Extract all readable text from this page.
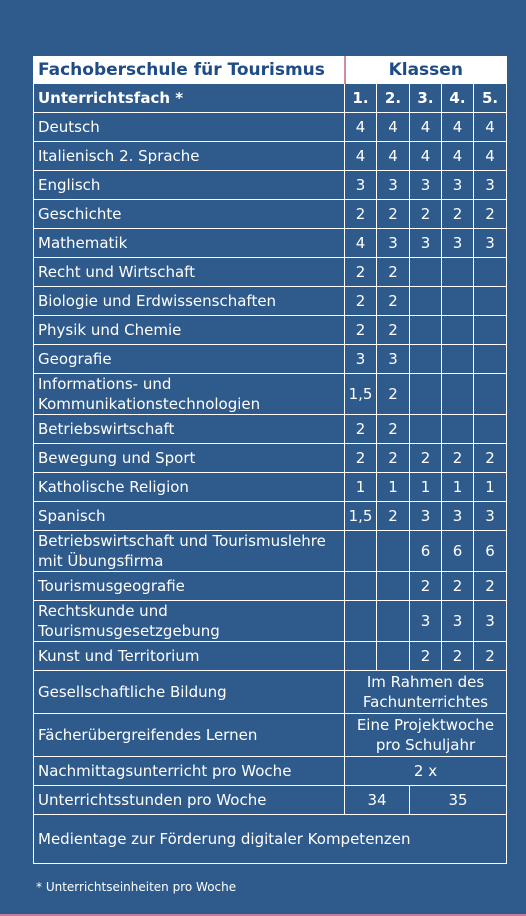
Fachoberschule für Tourismus	Klassen				
Unterrichtsfach *	1.	2.	3.	4.	5.
Deutsch	4	4	4	4	4
Italienisch 2. Sprache	4	4	4	4	4
Englisch	3	3	3	3	3
Geschichte	2	2	2	2	2
Mathematik	4	3	3	3	3
Recht und Wirtschaft	2	2			
Biologie und Erdwissenschaften	2	2			
Physik und Chemie	2	2			
Geografie	3	3			
Informations- und Kommunikationstechnologien	1,5	2			
Betriebswirtschaft	2	2			
Bewegung und Sport	2	2	2	2	2
Katholische Religion	1	1	1	1	1
Spanisch	1,5	2	3	3	3
Betriebswirtschaft und Tourismuslehre mit Übungsfirma			6	6	6
Tourismusgeografie			2	2	2
Rechtskunde und Tourismusgesetzgebung			3	3	3
Kunst und Territorium			2	2	2
Gesellschaftliche Bildung	Im Rahmen des Fachunterrichtes				
Fächerübergreifendes Lernen	Eine Projektwoche pro Schuljahr				
Nachmittagsunterricht pro Woche	2 x				
Unterrichtsstunden pro Woche	34		35		
Medientage zur Förderung digitaler Kompetenzen					
* Unterrichtseinheiten pro Woche
